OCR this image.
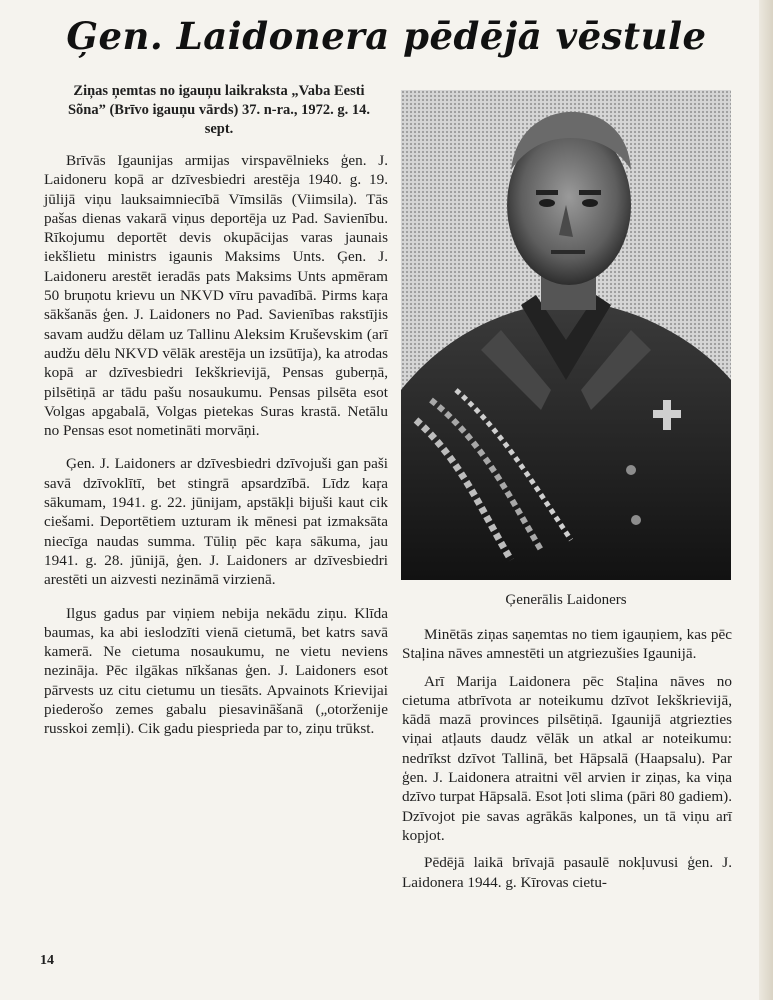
Ģen. Laidonera pēdējā vēstule
Ziņas ņemtas no igauņu laikraksta „Vaba Eesti Sõna” (Brīvo igauņu vārds) 37. n-ra., 1972. g. 14. sept.

Brīvās Igaunijas armijas virspavēlnieks ģen. J. Laidoneru kopā ar dzīvesbiedri arestēja 1940. g. 19. jūlijā viņu lauksaimniecībā Vīmsilās (Viimsila). Tās pašas dienas vakarā viņus deportēja uz Pad. Savienību. Rīkojumu deportēt devis okupācijas varas jaunais iekšlietu ministrs igaunis Maksims Unts. Ģen. J. Laidoneru arestēt ieradās pats Maksims Unts apmēram 50 bruņotu krievu un NKVD vīru pavadībā. Pirms kaŗa sākšanās ģen. J. Laidoners no Pad. Savienības rakstījis savam audžu dēlam uz Tallinu Aleksim Kruševskim (arī audžu dēlu NKVD vēlāk arestēja un izsūtīja), ka atrodas kopā ar dzīvesbiedri Iekškrievijā, Pensas guberņā, pilsētiņā ar tādu pašu nosaukumu. Pensas pilsēta esot Volgas apgabalā, Volgas pietekas Suras krastā. Netālu no Pensas esot nometināti morvāņi.

Ģen. J. Laidoners ar dzīvesbiedri dzīvojuši gan paši savā dzīvoklītī, bet stingrā apsardzībā. Līdz kaŗa sākumam, 1941. g. 22. jūnijam, apstākļi bijuši kaut cik ciešami. Deportētiem uzturam ik mēnesi pat izmaksāta niecīga naudas summa. Tūliņ pēc kaŗa sākuma, jau 1941. g. 28. jūnijā, ģen. J. Laidoners ar dzīvesbiedri arestēti un aizvesti nezināmā virzienā.

Ilgus gadus par viņiem nebija nekādu ziņu. Klīda baumas, ka abi ieslodzīti vienā cietumā, bet katrs savā kamerā. Ne cietuma nosaukumu, ne vietu neviens nezināja. Pēc ilgākas nīkšanas ģen. J. Laidoners esot pārvests uz citu cietumu un tiesāts. Apvainots Krievijai piederošo zemes gabalu piesavināšanā („otorženije russkoi zemļi). Cik gadu piesprieda par to, ziņu trūkst.

Ģenerālis Laidoners

Minētās ziņas saņemtas no tiem igauņiem, kas pēc Staļina nāves amnestēti un atgriezušies Igaunijā.

Arī Marija Laidonera pēc Staļina nāves no cietuma atbrīvota ar noteikumu dzīvot Iekškrievijā, kādā mazā provinces pilsētiņā. Igaunijā atgriezties viņai atļauts daudz vēlāk un atkal ar noteikumu: nedrīkst dzīvot Tallinā, bet Hāpsalā (Haapsalu). Par ģen. J. Laidonera atraitni vēl arvien ir ziņas, ka viņa dzīvo turpat Hāpsalā. Esot ļoti slima (pāri 80 gadiem). Dzīvojot pie savas agrākās kalpones, un tā viņu arī kopjot.

Pēdējā laikā brīvajā pasaulē nokļuvusi ģen. J. Laidonera 1944. g. Kīrovas cietu-

14
